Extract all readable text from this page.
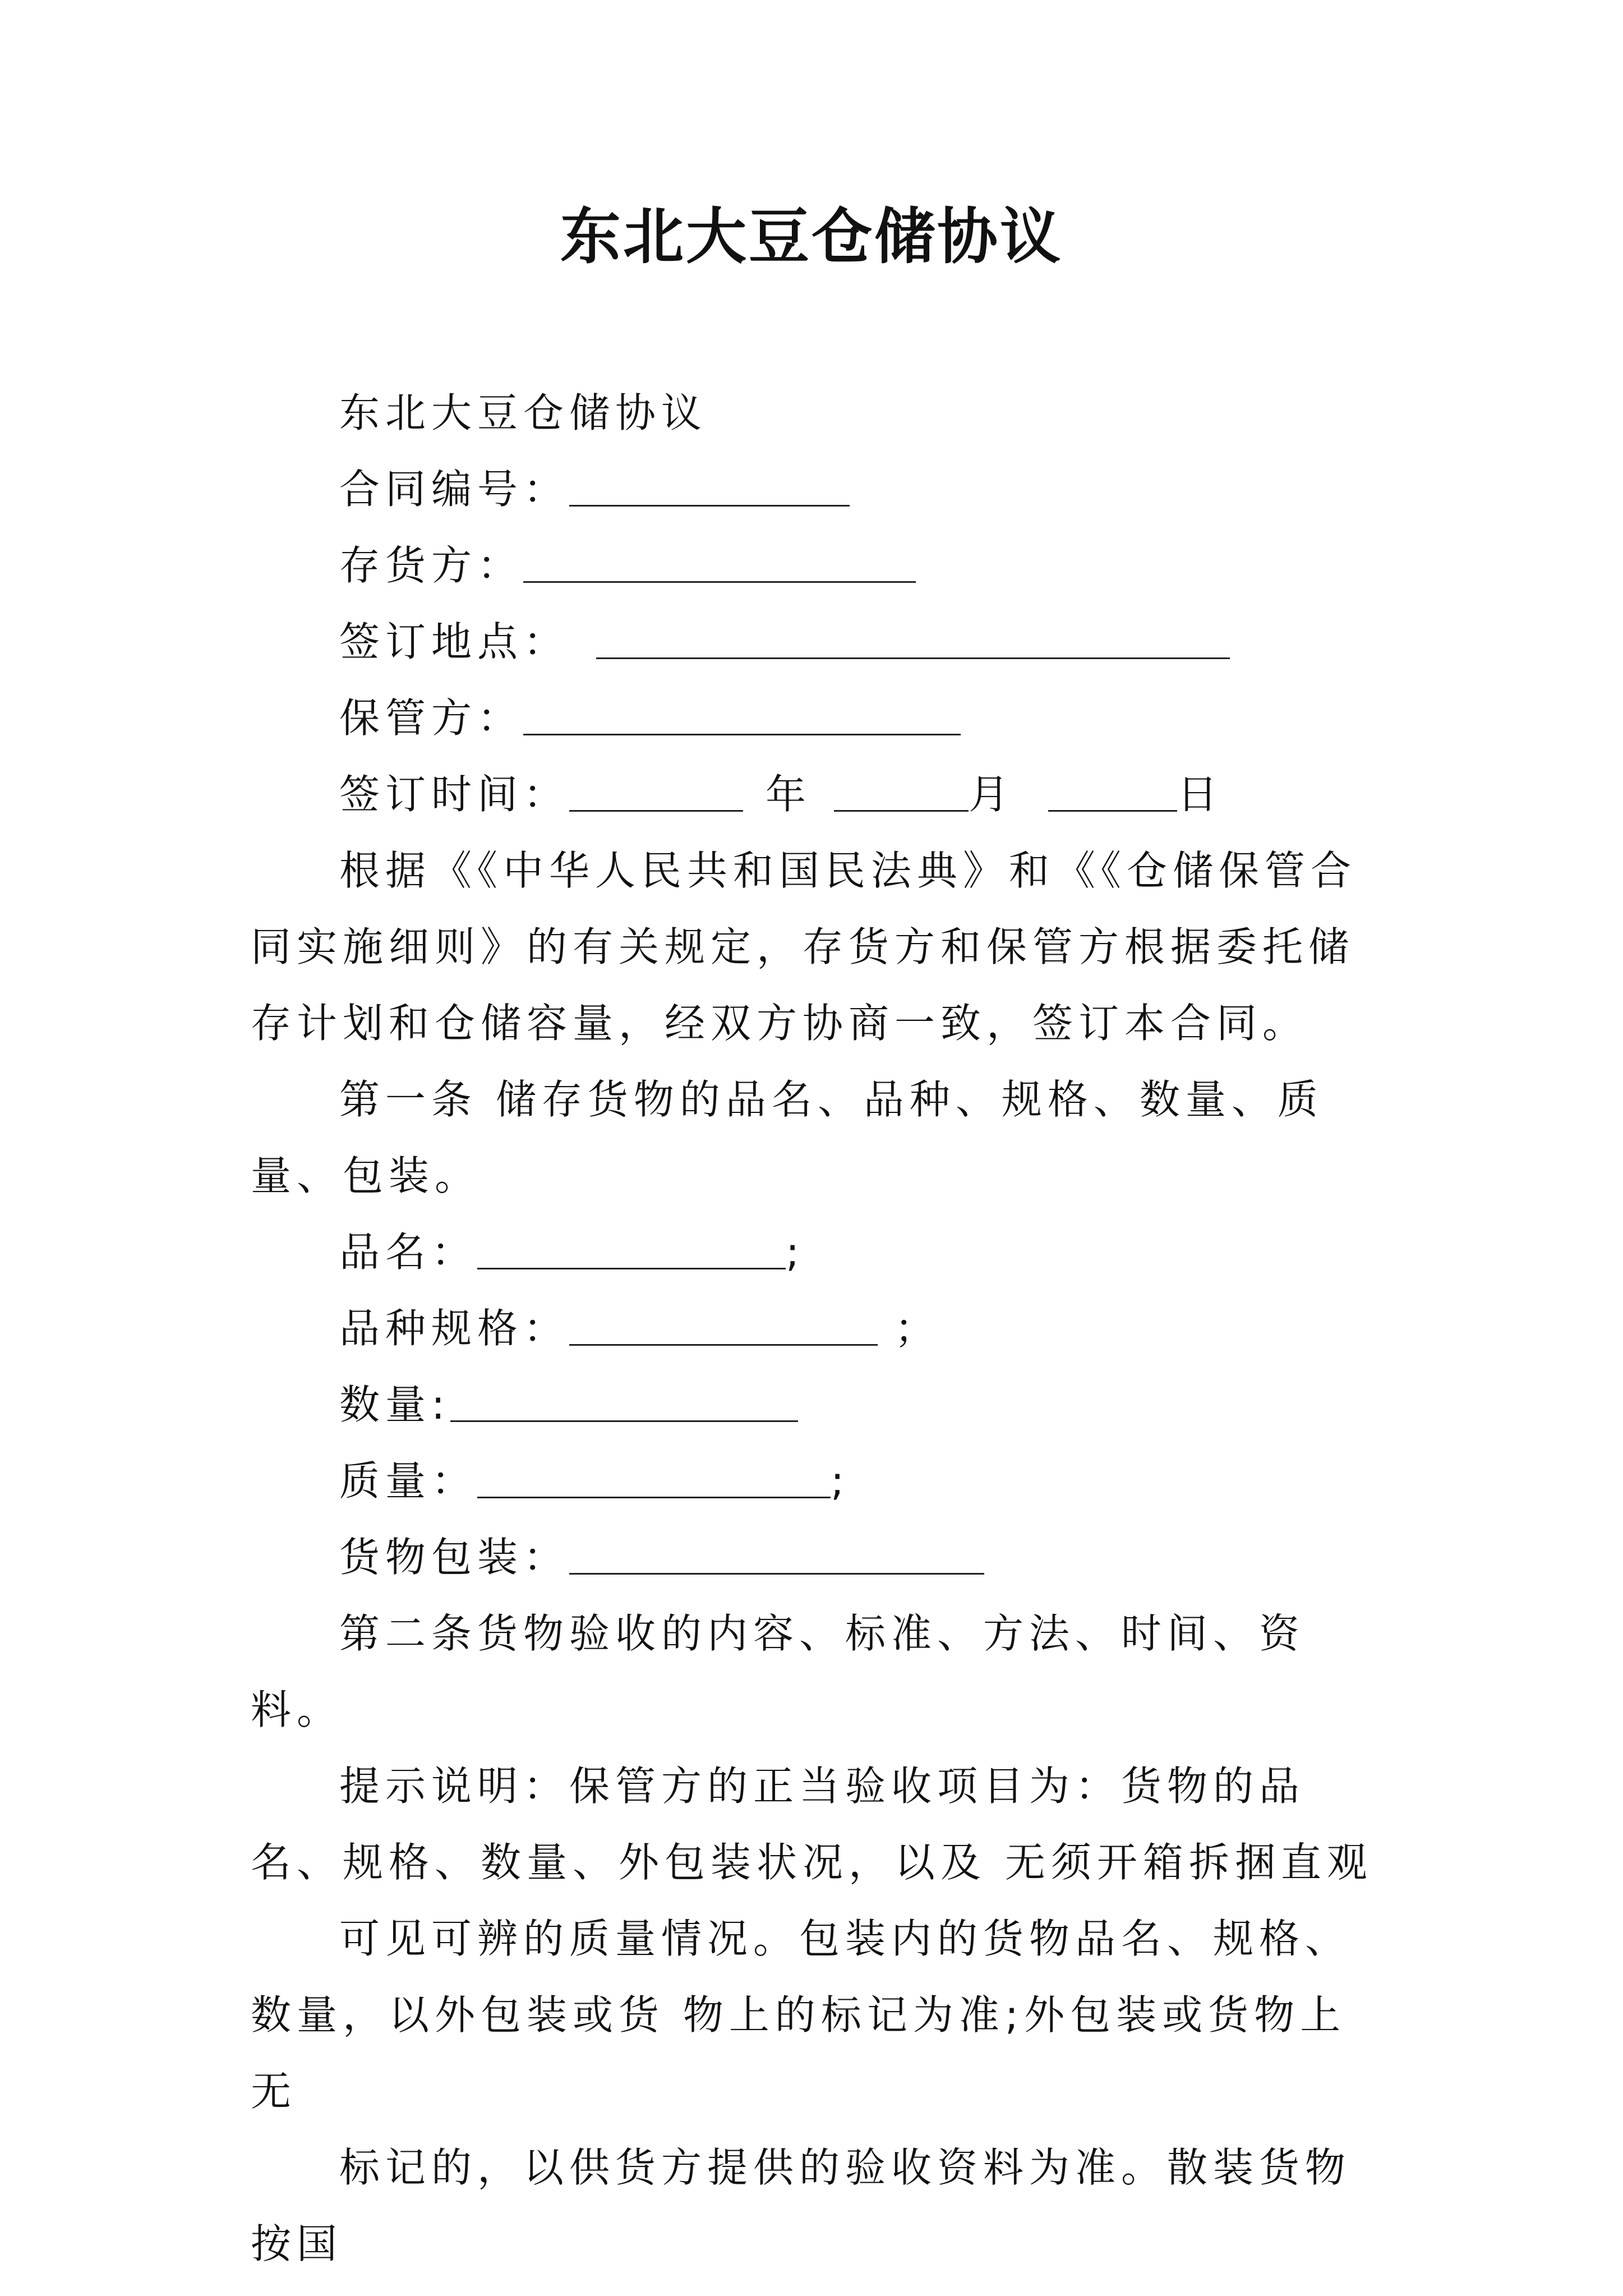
东北大豆仓储协议

东北大豆仓储协议

合同编号：

存货方：

签订地点：

保管方：

签订时间：	年	月	日

根据《《中华人民共和国民法典》和《《仓储保管合同实施细则》的有关规定，存货方和保管方根据委托储存计划和仓储容量，经双方协商一致，签订本合同。

第一条 储存货物的品名、品种、规格、数量、质量、包装。

品名：	;

品种规格：	；

数量:

质量：	;

货物包装：

第二条货物验收的内容、标准、方法、时间、资料。

提示说明：保管方的正当验收项目为：货物的品名、规格、数量、外包装状况，以及 无须开箱拆捆直观

可见可辨的质量情况。包装内的货物品名、规格、数量，以外包装或货 物上的标记为准;外包装或货物上无

标记的，以供货方提供的验收资料为准。散装货物按国
